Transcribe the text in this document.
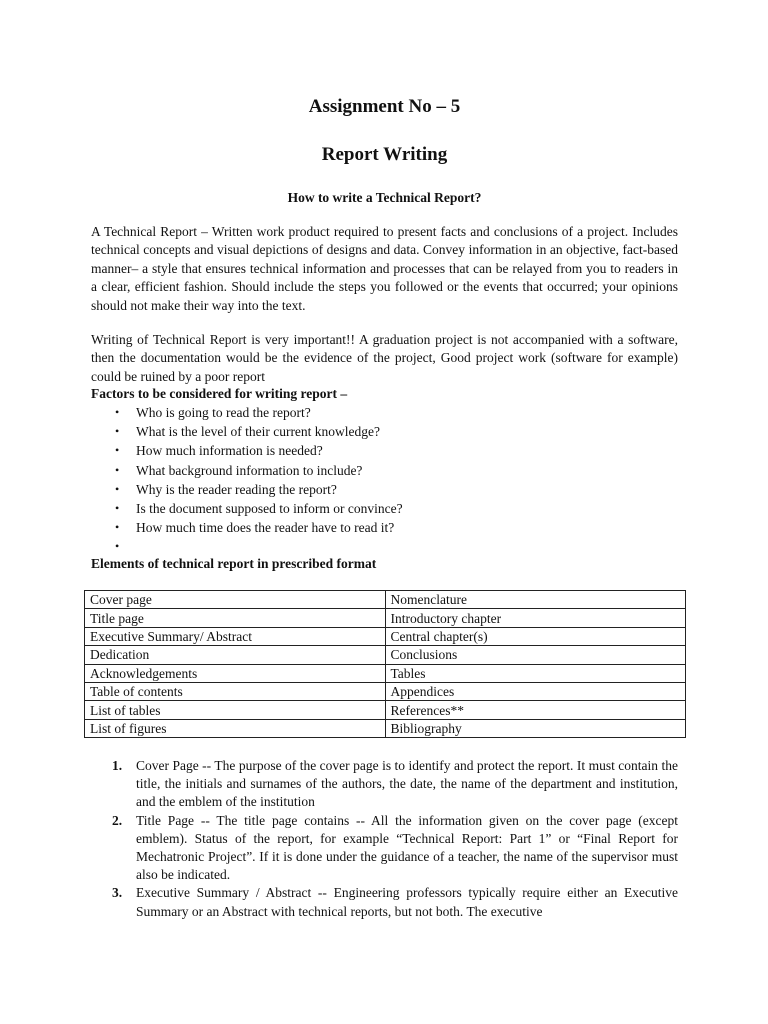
Assignment No – 5
Report Writing
How to write a Technical Report?

A Technical Report – Written work product required to present facts and conclusions of a project. Includes technical concepts and visual depictions of designs and data. Convey information in an objective, fact-based manner– a style that ensures technical information and processes that can be relayed from you to readers in a clear, efficient fashion. Should include the steps you followed or the events that occurred; your opinions should not make their way into the text.

Writing of Technical Report is very important!! A graduation project is not accompanied with a software, then the documentation would be the evidence of the project, Good project work (software for example) could be ruined by a poor report

Factors to be considered for writing report –
• Who is going to read the report?
• What is the level of their current knowledge?
• How much information is needed?
• What background information to include?
• Why is the reader reading the report?
• Is the document supposed to inform or convince?
• How much time does the reader have to read it?
•
Elements of technical report in prescribed format
Cover page	Nomenclature
Title page	Introductory chapter
Executive Summary/ Abstract	Central chapter(s)
Dedication	Conclusions
Acknowledgements	Tables
Table of contents	Appendices
List of tables	References**
List of figures	Bibliography
1. Cover Page -- The purpose of the cover page is to identify and protect the report. It must contain the title, the initials and surnames of the authors, the date, the name of the department and institution, and the emblem of the institution
2. Title Page -- The title page contains -- All the information given on the cover page (except emblem). Status of the report, for example “Technical Report: Part 1” or “Final Report for Mechatronic Project”. If it is done under the guidance of a teacher, the name of the supervisor must also be indicated.
3. Executive Summary / Abstract -- Engineering professors typically require either an Executive Summary or an Abstract with technical reports, but not both. The executive
